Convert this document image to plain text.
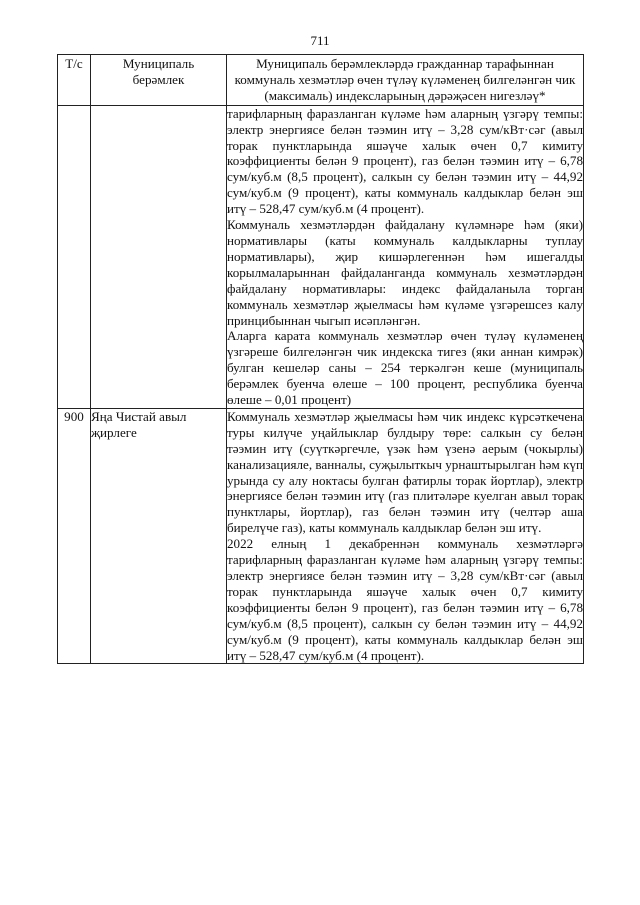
711
Т/с	Муниципаль берәмлек	Муниципаль берәмлекләрдә гражданнар тарафыннан коммуналь хезмәтләр өчен түләү күләменең билгеләнгән чик (максималь) индексларының дәрәҗәсен нигезләү*

		тарифларның фаразланган күләме һәм аларның үзгәрү темпы: электр энергиясе белән тәэмин итү – 3,28 сум/кВт·сәг (авыл торак пунктларында яшәүче халык өчен 0,7 кимиту коэффициенты белән 9 процент), газ белән тәэмин итү – 6,78 сум/куб.м (8,5 процент), салкын су белән тәэмин итү – 44,92 сум/куб.м (9 процент), каты коммуналь калдыклар белән эш итү – 528,47 сум/куб.м (4 процент).

Коммуналь хезмәтләрдән файдалану күләмнәре һәм (яки) нормативлары (каты коммуналь калдыкларны туплау нормативлары), җир кишәрлегеннән һәм ишегалды корылмаларыннан файдаланганда коммуналь хезмәтләрдән файдалану нормативлары: индекс файдаланыла торган коммуналь хезмәтләр җыелмасы һәм күләме үзгәрешсез калу принцибыннан чыгып исәпләнгән.

Аларга карата коммуналь хезмәтләр өчен түләү күләменең үзгәреше билгеләнгән чик индекска тигез (яки аннан кимрәк) булган кешеләр саны – 254 теркәлгән кеше (муниципаль берәмлек буенча өлеше – 100 процент, республика буенча өлеше – 0,01 процент)

900	Яңа Чистай авыл җирлеге	Коммуналь хезмәтләр җыелмасы һәм чик индекс күрсәткечена туры килүче уңайлыклар булдыру төре: салкын су белән тәэмин итү (суүткәргечле, үзәк һәм үзенә аерым (чокырлы) канализацияле, ванналы, суҗылыткыч урнаштырылган һәм күп урында су алу ноктасы булган фатирлы торак йортлар), электр энергиясе белән тәэмин итү (газ плитәләре куелган авыл торак пунктлары, йортлар), газ белән тәэмин итү (челтәр аша бирелүче газ), каты коммуналь калдыклар белән эш итү.

2022 елның 1 декабреннән коммуналь хезмәтләргә тарифларның фаразланган күләме һәм аларның үзгәрү темпы: электр энергиясе белән тәэмин итү – 3,28 сум/кВт·сәг (авыл торак пунктларында яшәүче халык өчен 0,7 кимиту коэффициенты белән 9 процент), газ белән тәэмин итү – 6,78 сум/куб.м (8,5 процент), салкын су белән тәэмин итү – 44,92 сум/куб.м (9 процент), каты коммуналь калдыклар белән эш итү – 528,47 сум/куб.м (4 процент).
